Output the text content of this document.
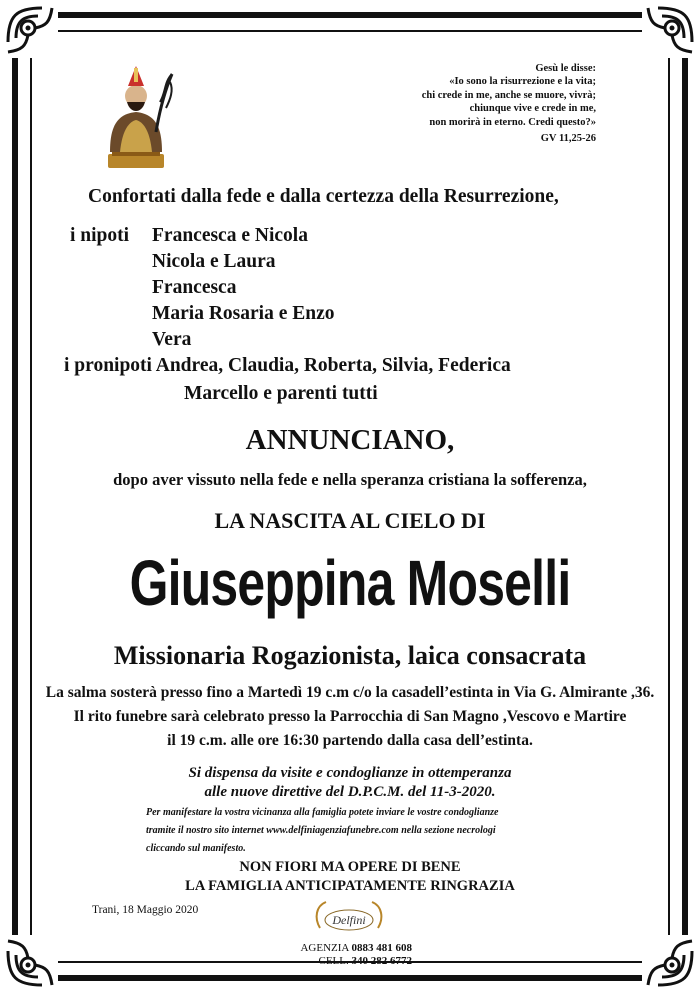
Gesù le disse:
«Io sono la risurrezione e la vita;
chi crede in me, anche se muore, vivrà;
chiunque vive e crede in me,
non morirà in eterno. Credi questo?»
GV 11,25-26
Confortati dalla fede e dalla certezza della Resurrezione,
i nipoti Francesca e Nicola
Nicola e Laura
Francesca
Maria Rosaria e Enzo
Vera
i pronipoti Andrea, Claudia, Roberta, Silvia, Federica
Marcello e parenti tutti
ANNUNCIANO,
dopo aver vissuto nella fede e nella speranza cristiana la sofferenza,
LA NASCITA AL CIELO DI
Giuseppina Moselli
Missionaria Rogazionista, laica consacrata
La salma sosterà presso fino a Martedì 19 c.m c/o la casadell’estinta in Via G. Almirante ,36.
Il rito funebre sarà celebrato presso la Parrocchia di San Magno ,Vescovo e Martire
il 19 c.m. alle ore 16:30 partendo dalla casa dell’estinta.
Si dispensa da visite e condoglianze in ottemperanza
alle nuove direttive del D.P.C.M. del 11-3-2020.
Per manifestare la vostra vicinanza alla famiglia potete inviare le vostre condoglianze
tramite il nostro sito internet www.delfiniagenziafunebre.com nella sezione necrologi
cliccando sul manifesto.
NON FIORI MA OPERE DI BENE
LA FAMIGLIA ANTICIPATAMENTE RINGRAZIA
Trani, 18 Maggio 2020
Delfini
AGENZIA 0883 481 608
CELL. 340 282 6772
